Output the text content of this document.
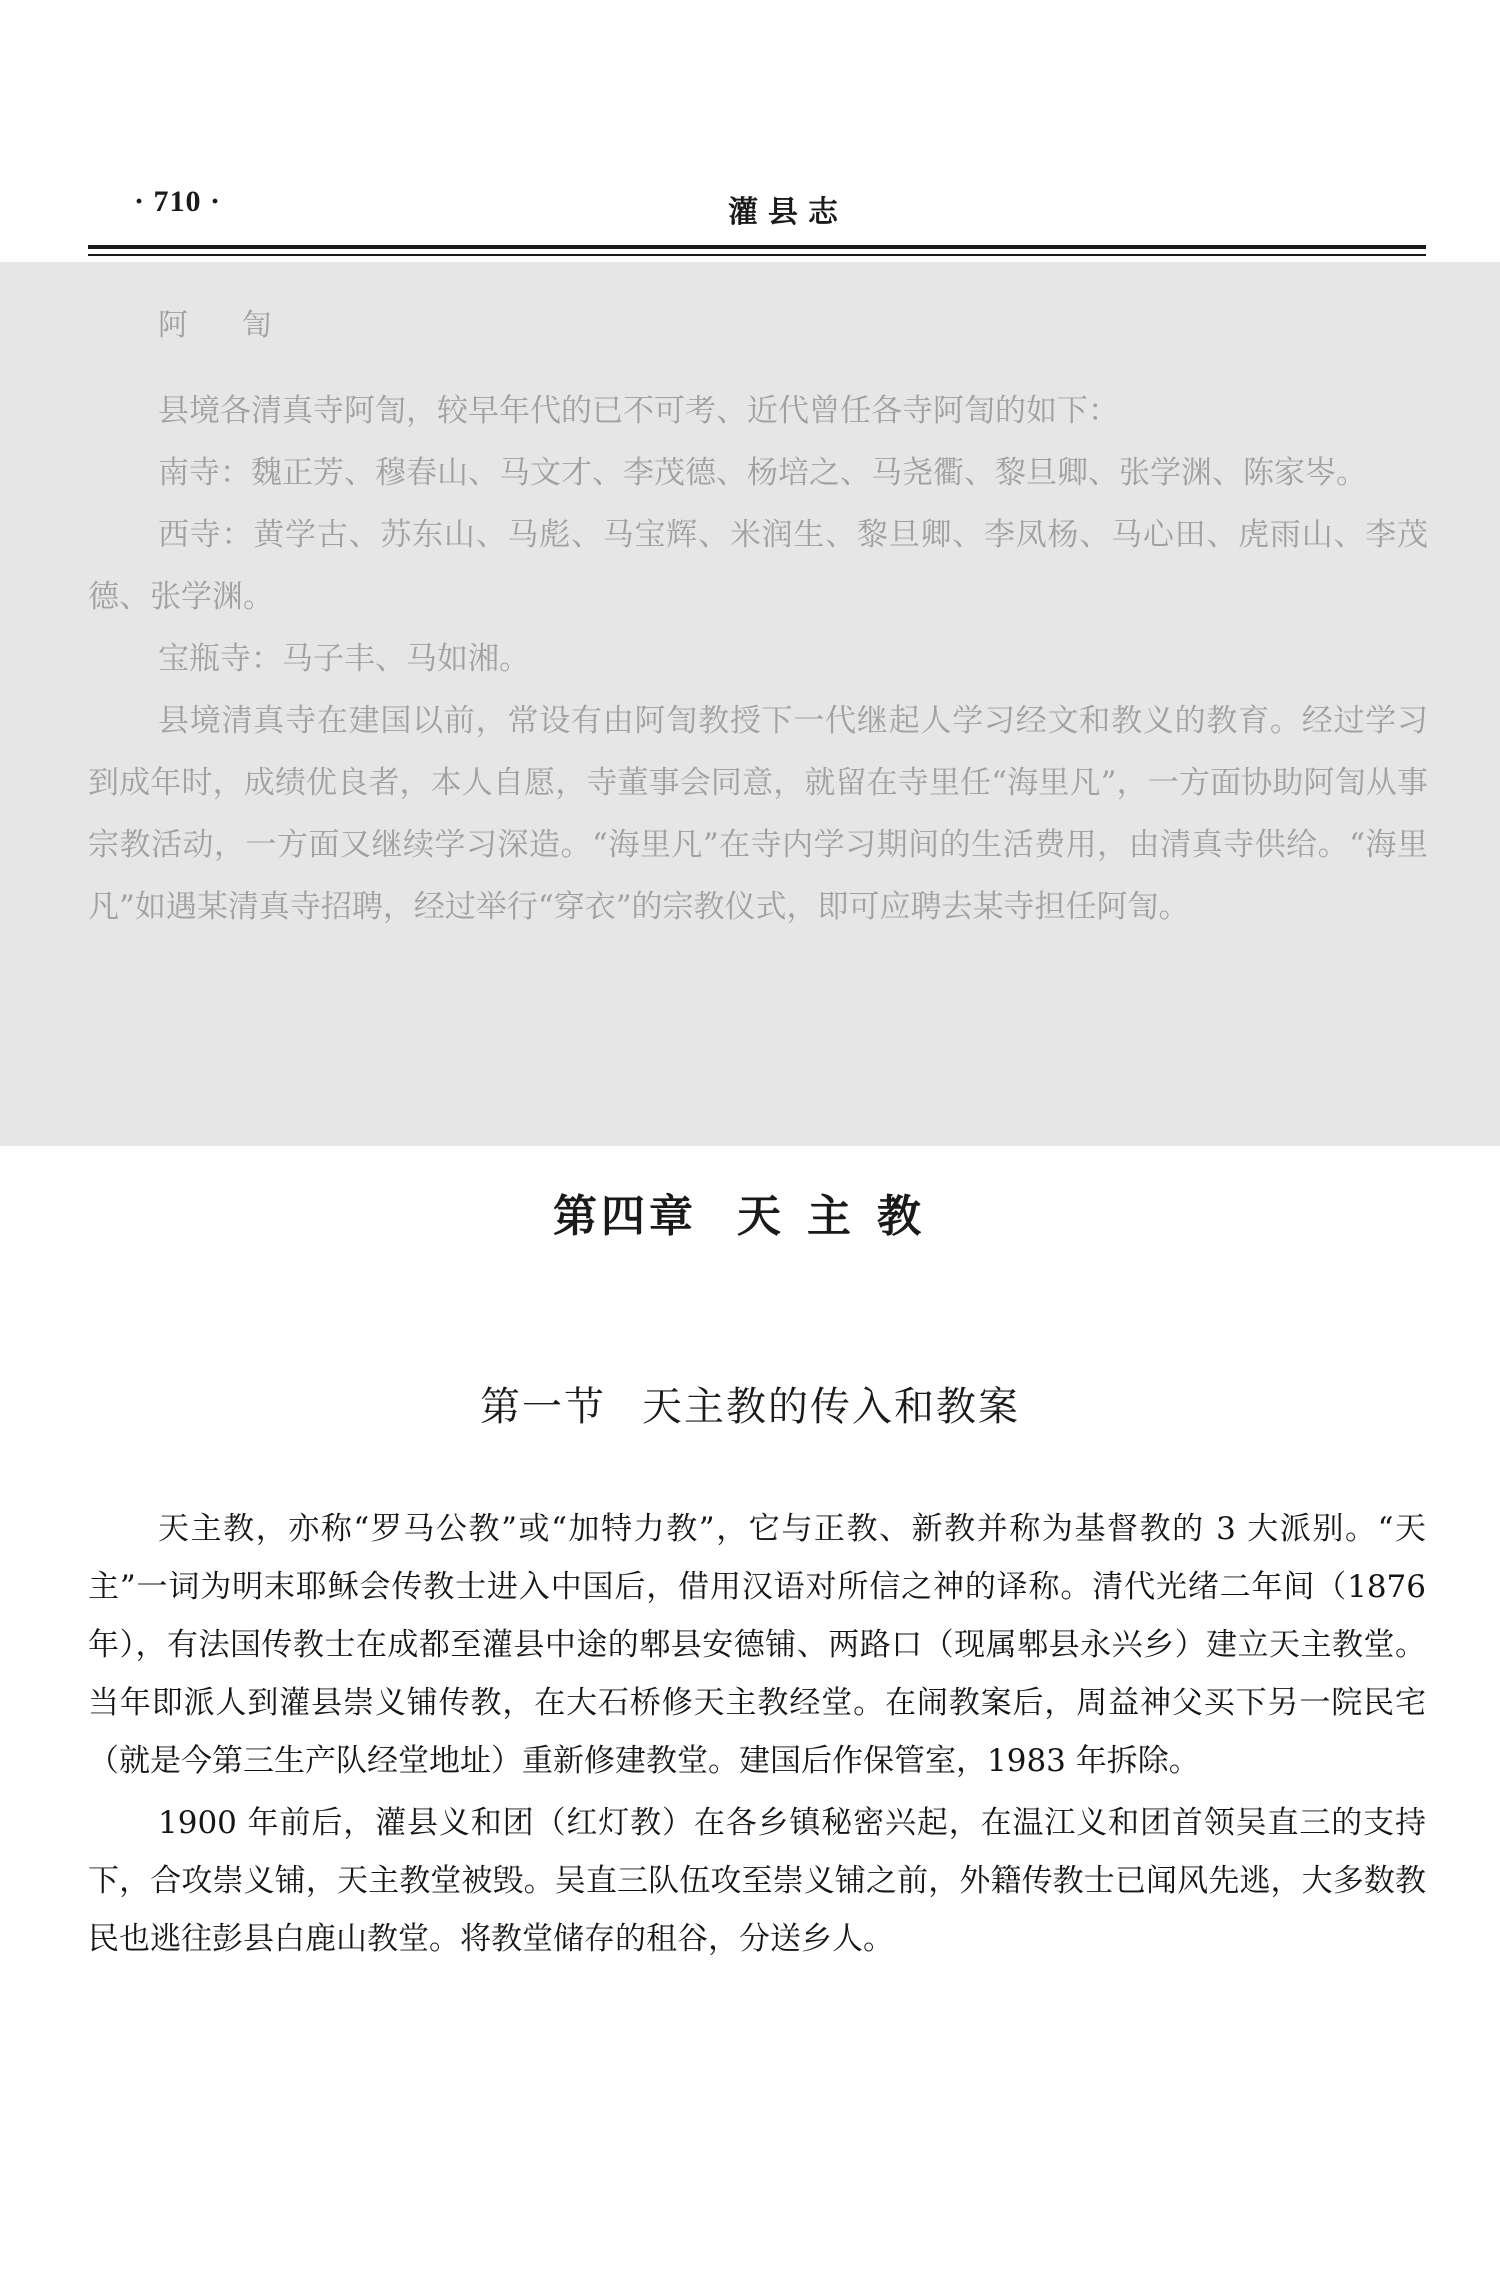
· 710 ·	灌县志
阿 訇

县境各清真寺阿訇，较早年代的已不可考、近代曾任各寺阿訇的如下：

南寺：魏正芳、穆春山、马文才、李茂德、杨培之、马尧衢、黎旦卿、张学渊、陈家岑。

西寺：黄学古、苏东山、马彪、马宝辉、米润生、黎旦卿、李凤杨、马心田、虎雨山、李茂德、张学渊。

宝瓶寺：马子丰、马如湘。

县境清真寺在建国以前，常设有由阿訇教授下一代继起人学习经文和教义的教育。经过学习到成年时，成绩优良者，本人自愿，寺董事会同意，就留在寺里任“海里凡”，一方面协助阿訇从事宗教活动，一方面又继续学习深造。“海里凡”在寺内学习期间的生活费用，由清真寺供给。“海里凡”如遇某清真寺招聘，经过举行“穿衣”的宗教仪式，即可应聘去某寺担任阿訇。

第四章 天主教
第一节 天主教的传入和教案

天主教，亦称“罗马公教”或“加特力教”，它与正教、新教并称为基督教的 3 大派别。“天主”一词为明末耶稣会传教士进入中国后，借用汉语对所信之神的译称。清代光绪二年间（1876 年），有法国传教士在成都至灌县中途的郫县安德铺、两路口（现属郫县永兴乡）建立天主教堂。当年即派人到灌县崇义铺传教，在大石桥修天主教经堂。在闹教案后，周益神父买下另一院民宅（就是今第三生产队经堂地址）重新修建教堂。建国后作保管室，1983 年拆除。

1900 年前后，灌县义和团（红灯教）在各乡镇秘密兴起，在温江义和团首领吴直三的支持下，合攻崇义铺，天主教堂被毁。吴直三队伍攻至崇义铺之前，外籍传教士已闻风先逃，大多数教民也逃往彭县白鹿山教堂。将教堂储存的租谷，分送乡人。
